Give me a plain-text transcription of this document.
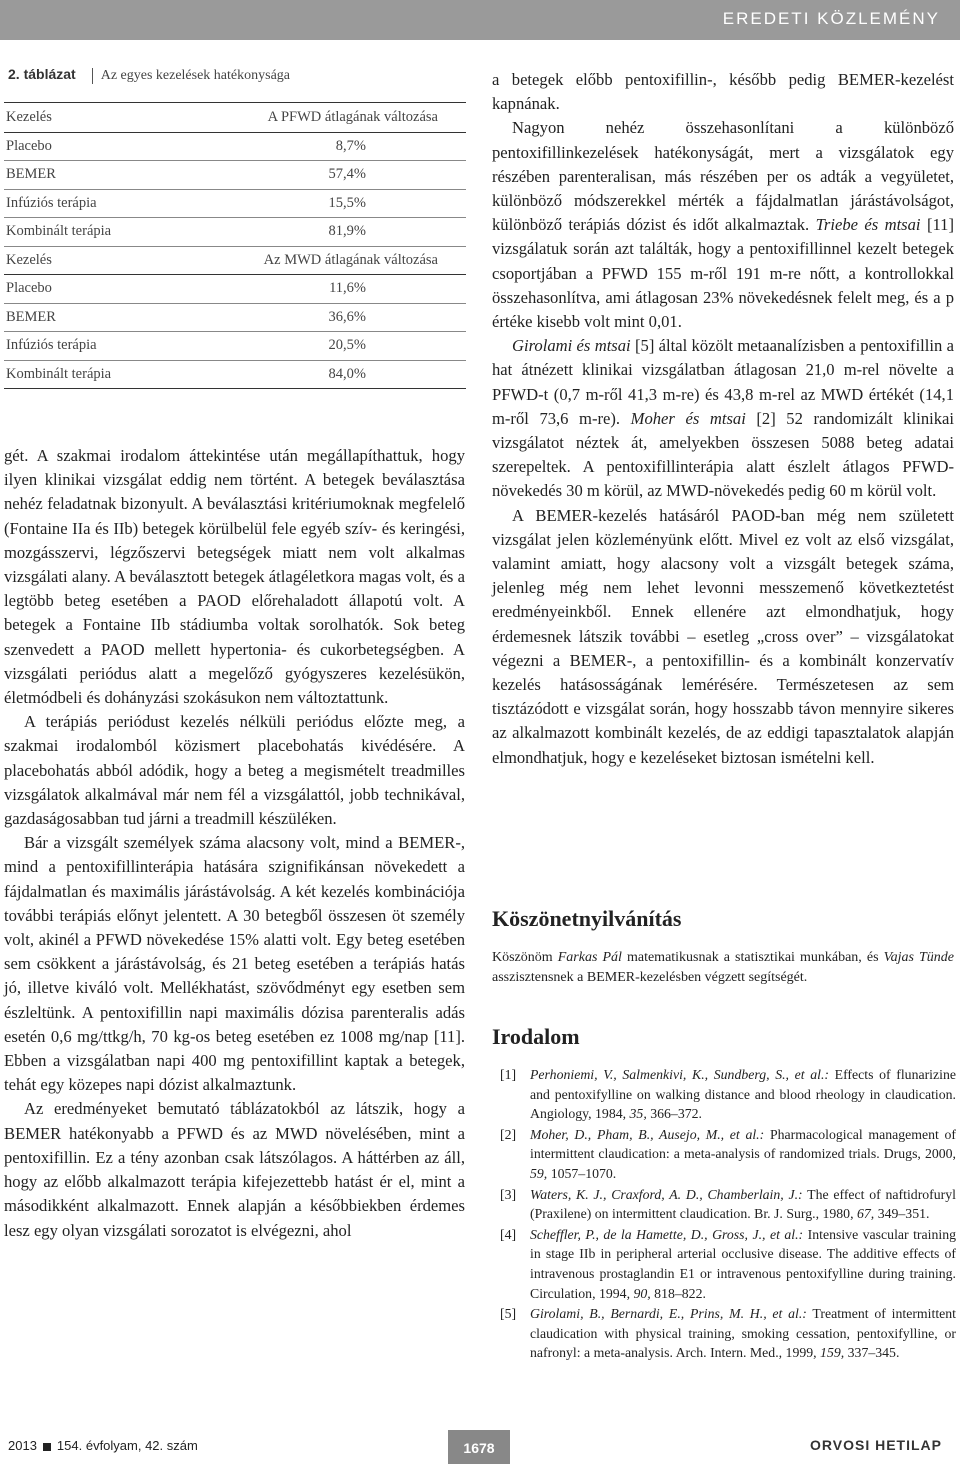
EREDETI KÖZLEMÉNY
2. táblázat Az egyes kezelések hatékonysága
Kezelés	A PFWD átlagának változása
Placebo	8,7%
BEMER	57,4%
Infúziós terápia	15,5%
Kombinált terápia	81,9%
Kezelés	Az MWD átlagának változása
Placebo	11,6%
BEMER	36,6%
Infúziós terápia	20,5%
Kombinált terápia	84,0%

gét. A szakmai irodalom áttekintése után megállapíthattuk, hogy ilyen klinikai vizsgálat eddig nem történt. A betegek beválasztása nehéz feladatnak bizonyult. A beválasztási kritériumoknak megfelelő (Fontaine IIa és IIb) betegek körülbelül fele egyéb szív- és keringési, mozgásszervi, légzőszervi betegségek miatt nem volt alkalmas vizsgálati alany. A beválasztott betegek átlagéletkora magas volt, és a legtöbb beteg esetében a PAOD előrehaladott állapotú volt. A betegek a Fontaine IIb stádiumba voltak sorolhatók. Sok beteg szenvedett a PAOD mellett hypertonia- és cukorbetegségben. A vizsgálati periódus alatt a megelőző gyógyszeres kezelésükön, életmódbeli és dohányzási szokásukon nem változtattunk.

A terápiás periódust kezelés nélküli periódus előzte meg, a szakmai irodalomból közismert placebohatás kivédésére. A placebohatás abból adódik, hogy a beteg a megismételt treadmilles vizsgálatok alkalmával már nem fél a vizsgálattól, jobb technikával, gazdaságosabban tud járni a treadmill készüléken.

Bár a vizsgált személyek száma alacsony volt, mind a BEMER-, mind a pentoxifillinterápia hatására szignifikánsan növekedett a fájdalmatlan és maximális járástávolság. A két kezelés kombinációja további terápiás előnyt jelentett. A 30 betegből összesen öt személy volt, akinél a PFWD növekedése 15% alatti volt. Egy beteg esetében sem csökkent a járástávolság, és 21 beteg esetében a terápiás hatás jó, illetve kiváló volt. Mellékhatást, szövődményt egy esetben sem észleltünk. A pentoxifillin napi maximális dózisa parenteralis adás esetén 0,6 mg/ttkg/h, 70 kg-os beteg esetében ez 1008 mg/nap [11]. Ebben a vizsgálatban napi 400 mg pentoxifillint kaptak a betegek, tehát egy közepes napi dózist alkalmaztunk.

Az eredményeket bemutató táblázatokból az látszik, hogy a BEMER hatékonyabb a PFWD és az MWD növelésében, mint a pentoxifillin. Ez a tény azonban csak látszólagos. A háttérben az áll, hogy az előbb alkalmazott terápia kifejezettebb hatást ér el, mint a másodikként alkalmazott. Ennek alapján a későbbiekben érdemes lesz egy olyan vizsgálati sorozatot is elvégezni, ahol

a betegek előbb pentoxifillin-, később pedig BEMER-kezelést kapnának.

Nagyon nehéz összehasonlítani a különböző pentoxifillinkezelések hatékonyságát, mert a vizsgálatok egy részében parenteralisan, más részében per os adták a vegyületet, különböző módszerekkel mérték a fájdalmatlan járástávolságot, különböző terápiás dózist és időt alkalmaztak. Triebe és mtsai [11] vizsgálatuk során azt találták, hogy a pentoxifillinnel kezelt betegek csoportjában a PFWD 155 m-ről 191 m-re nőtt, a kontrollokkal összehasonlítva, ami átlagosan 23% növekedésnek felelt meg, és a p értéke kisebb volt mint 0,01.

Girolami és mtsai [5] által közölt metaanalízisben a pentoxifillin a hat átnézett klinikai vizsgálatban átlagosan 21,0 m-rel növelte a PFWD-t (0,7 m-ről 41,3 m-re) és 43,8 m-rel az MWD értékét (14,1 m-ről 73,6 m-re). Moher és mtsai [2] 52 randomizált klinikai vizsgálatot néztek át, amelyekben összesen 5088 beteg adatai szerepeltek. A pentoxifillinterápia alatt észlelt átlagos PFWD-növekedés 30 m körül, az MWD-növekedés pedig 60 m körül volt.

A BEMER-kezelés hatásáról PAOD-ban még nem született vizsgálat jelen közleményünk előtt. Mivel ez volt az első vizsgálat, valamint amiatt, hogy alacsony volt a vizsgált betegek száma, jelenleg még nem lehet levonni messzemenő következtetést eredményeinkből. Ennek ellenére azt elmondhatjuk, hogy érdemesnek látszik további – esetleg „cross over” – vizsgálatokat végezni a BEMER-, a pentoxifillin- és a kombinált konzervatív kezelés hatásosságának lemérésére. Természetesen az sem tisztázódott e vizsgálat során, hogy hosszabb távon mennyire sikeres az alkalmazott kombinált kezelés, de az eddigi tapasztalatok alapján elmondhatjuk, hogy e kezeléseket biztosan ismételni kell.

Köszönetnyilvánítás
Köszönöm Farkas Pál matematikusnak a statisztikai munkában, és Vajas Tünde asszisztensnek a BEMER-kezelésben végzett segítségét.
Irodalom
[1]	Perhoniemi, V., Salmenkivi, K., Sundberg, S., et al.: Effects of flunarizine and pentoxifylline on walking distance and blood rheology in claudication. Angiology, 1984, 35, 366–372.
[2]	Moher, D., Pham, B., Ausejo, M., et al.: Pharmacological management of intermittent claudication: a meta-analysis of randomized trials. Drugs, 2000, 59, 1057–1070.
[3]	Waters, K. J., Craxford, A. D., Chamberlain, J.: The effect of naftidrofuryl (Praxilene) on intermittent claudication. Br. J. Surg., 1980, 67, 349–351.
[4]	Scheffler, P., de la Hamette, D., Gross, J., et al.: Intensive vascular training in stage IIb in peripheral arterial occlusive disease. The additive effects of intravenous prostaglandin E1 or intravenous pentoxifylline during training. Circulation, 1994, 90, 818–822.
[5]	Girolami, B., Bernardi, E., Prins, M. H., et al.: Treatment of intermittent claudication with physical training, smoking cessation, pentoxifylline, or nafronyl: a meta-analysis. Arch. Intern. Med., 1999, 159, 337–345.
2013 154. évfolyam, 42. szám	1678	ORVOSI HETILAP
